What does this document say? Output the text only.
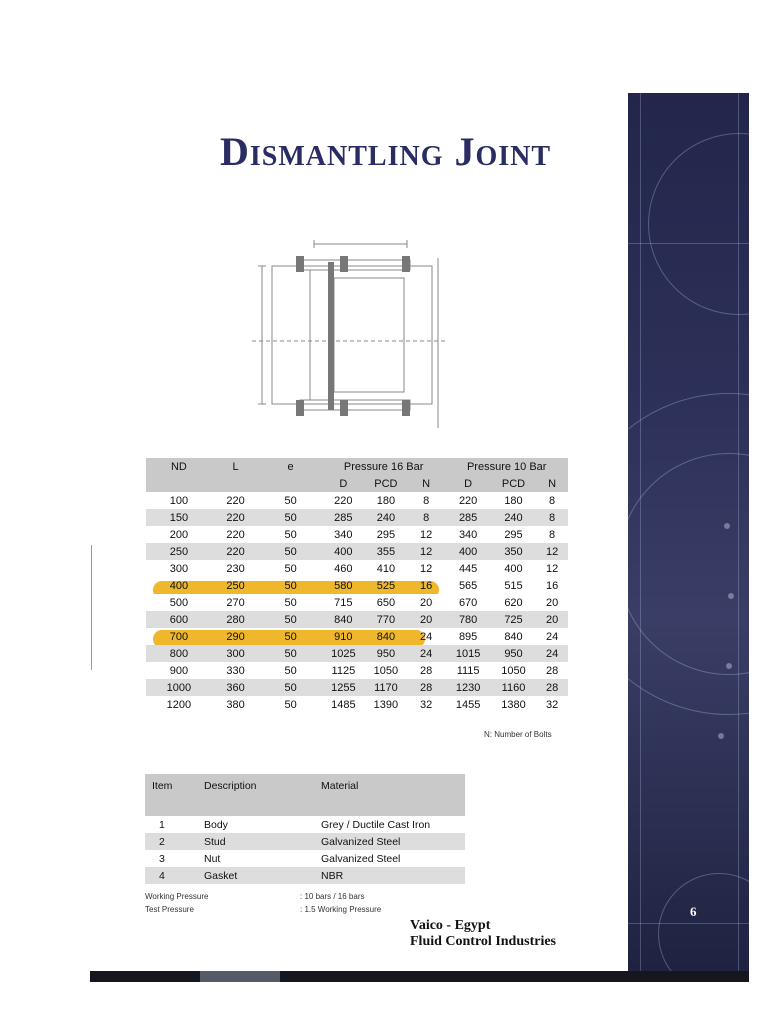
6
Dismantling Joint
ND	L	e	Pressure 16 Bar			Pressure 10 Bar		
			D	PCD	N	D	PCD	N
100	220	50	220	180	8	220	180	8
150	220	50	285	240	8	285	240	8
200	220	50	340	295	12	340	295	8
250	220	50	400	355	12	400	350	12
300	230	50	460	410	12	445	400	12
400	250	50	580	525	16	565	515	16
500	270	50	715	650	20	670	620	20
600	280	50	840	770	20	780	725	20
700	290	50	910	840	24	895	840	24
800	300	50	1025	950	24	1015	950	24
900	330	50	1125	1050	28	1115	1050	28
1000	360	50	1255	1170	28	1230	1160	28
1200	380	50	1485	1390	32	1455	1380	32
N: Number of Bolts
Item	Description	Material
1	Body	Grey / Ductile Cast Iron
2	Stud	Galvanized Steel
3	Nut	Galvanized Steel
4	Gasket	NBR
Working Pressure	: 10 bars / 16 bars
Test Pressure	: 1.5 Working Pressure
Vaico - Egypt
Fluid Control Industries
